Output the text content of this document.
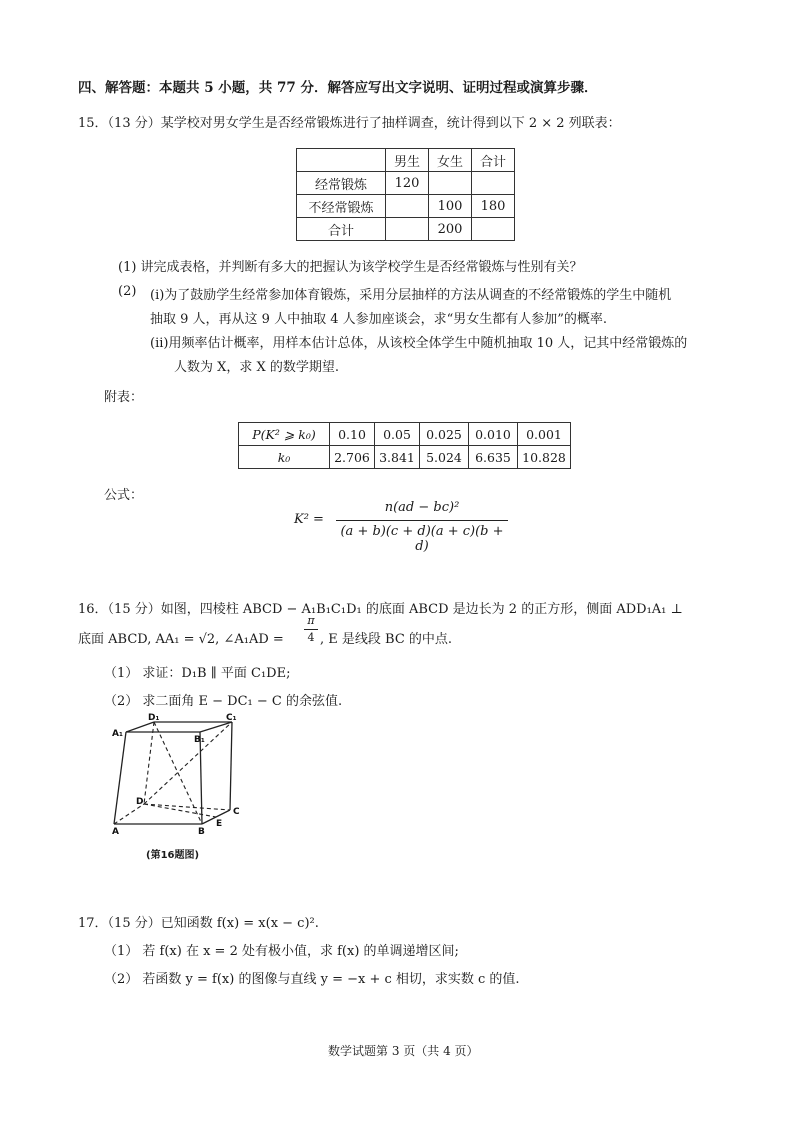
四、解答题：本题共 5 小题，共 77 分．解答应写出文字说明、证明过程或演算步骤．
15．（13 分）某学校对男女学生是否经常锻炼进行了抽样调查，统计得到以下 2 × 2 列联表：
	男生	女生	合计
经常锻炼	120		
不经常锻炼		100	180
合计		200	
(1) 讲完成表格，并判断有多大的把握认为该学校学生是否经常锻炼与性别有关？
(2) (i)为了鼓励学生经常参加体育锻炼，采用分层抽样的方法从调查的不经常锻炼的学生中随机
抽取 9 人，再从这 9 人中抽取 4 人参加座谈会，求“男女生都有人参加”的概率.
(ii)用频率估计概率，用样本估计总体，从该校全体学生中随机抽取 10 人，记其中经常锻炼的
人数为 X，求 X 的数学期望.
附表：
P(K² ⩾ k₀)	0.10	0.05	0.025	0.010	0.001
k₀	2.706	3.841	5.024	6.635	10.828
公式：
K² =
n(ad − bc)²
(a + b)(c + d)(a + c)(b + d)
16．（15 分）如图，四棱柱 ABCD − A₁B₁C₁D₁ 的底面 ABCD 是边长为 2 的正方形，侧面 ADD₁A₁ ⊥
底面 ABCD, AA₁ = √2, ∠A₁AD =
π
4 , E 是线段 BC 的中点.
（1） 求证：D₁B ∥ 平面 C₁DE;
（2） 求二面角 E − DC₁ − C 的余弦值.
D₁	C₁
A₁
B₁
D
C
A	B
E
(第16题图)
17．（15 分）已知函数 f(x) = x(x − c)².
（1） 若 f(x) 在 x = 2 处有极小值，求 f(x) 的单调递增区间;
（2） 若函数 y = f(x) 的图像与直线 y = −x + c 相切，求实数 c 的值.
数学试题第 3 页（共 4 页）
